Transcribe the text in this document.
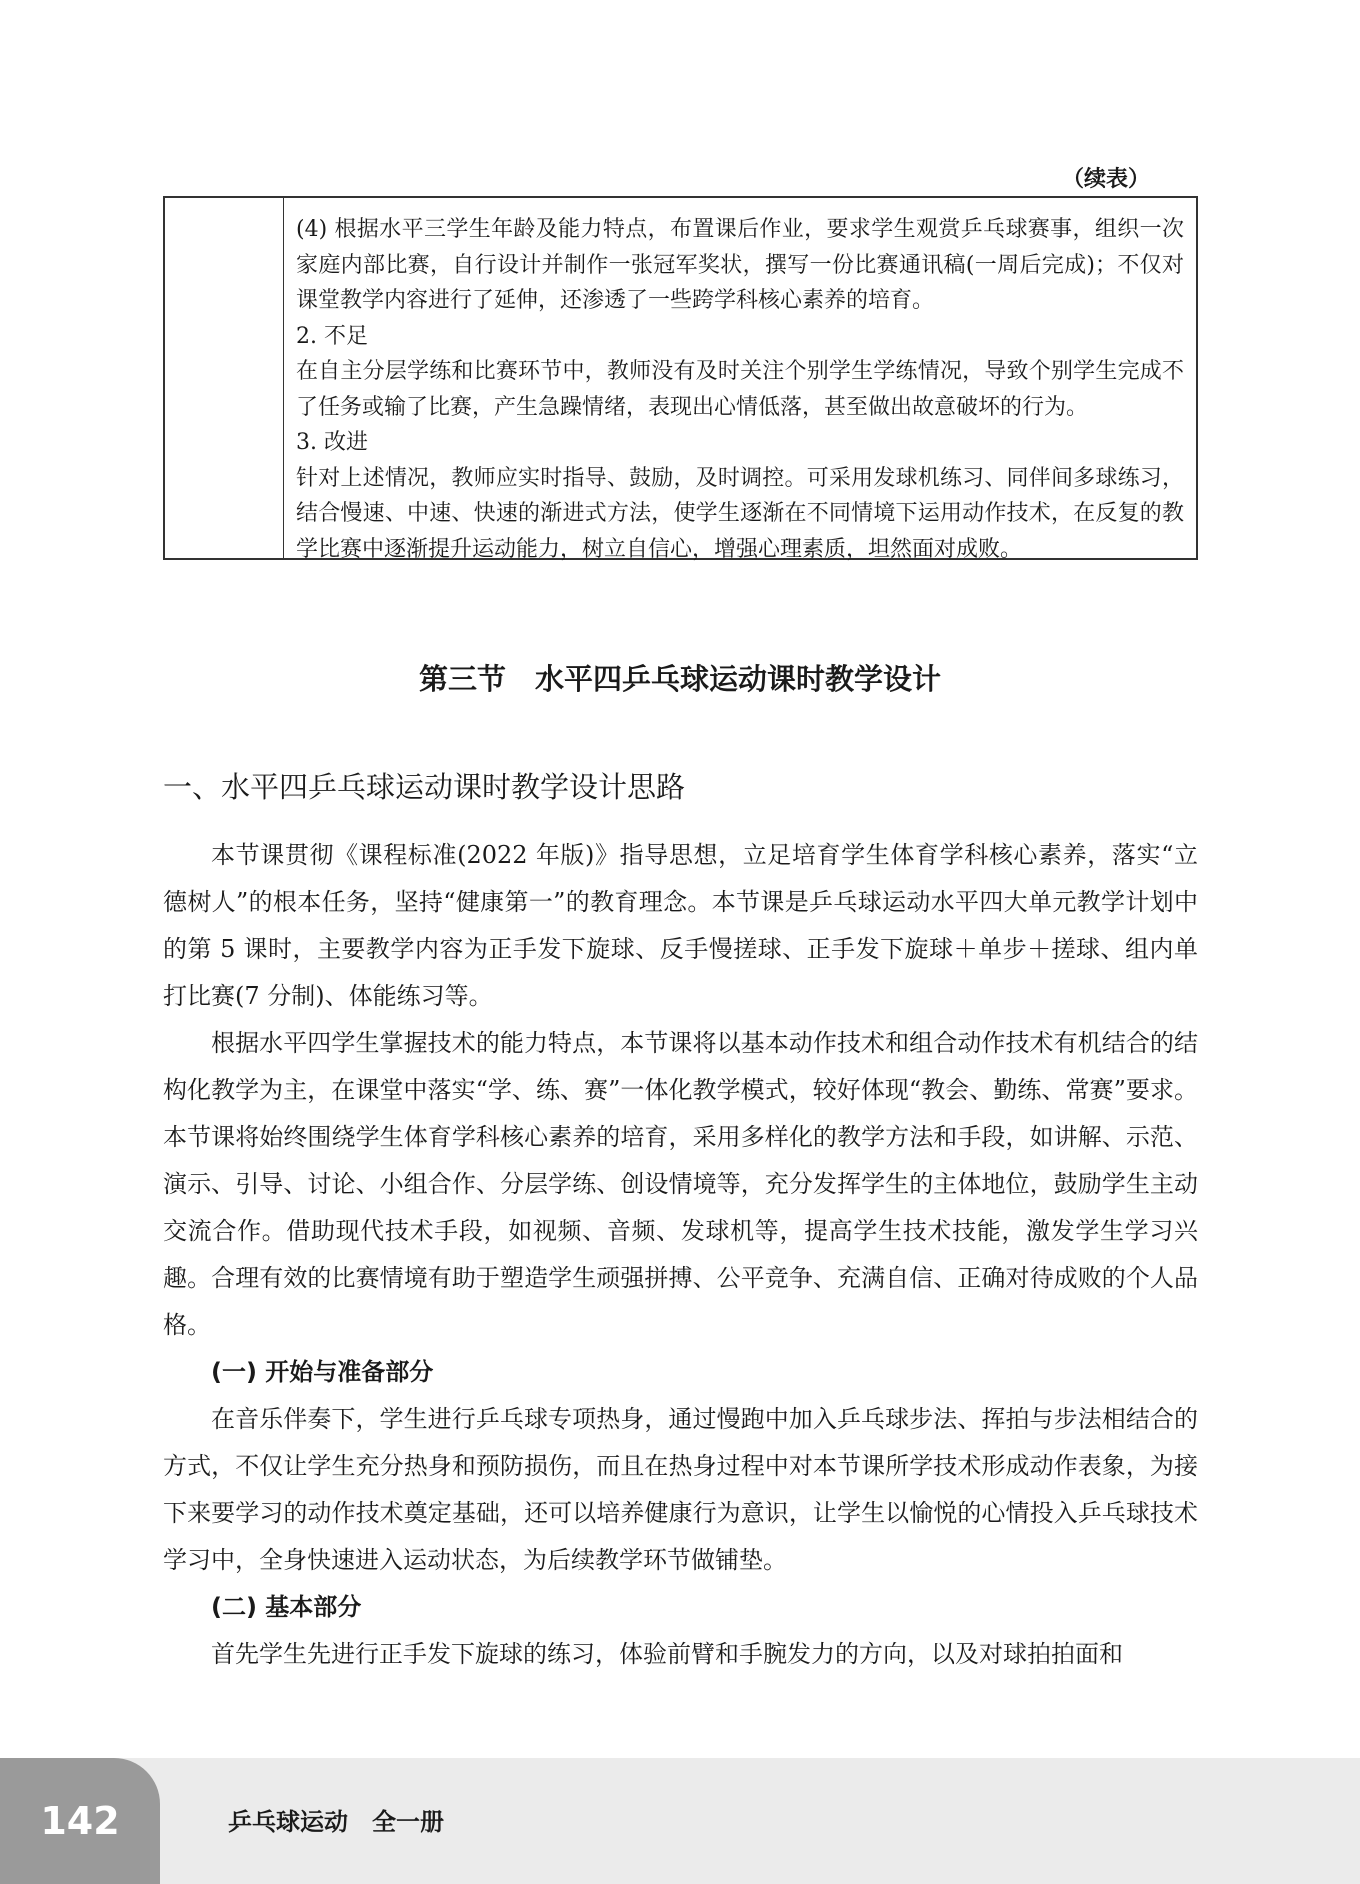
（续表）

(4) 根据水平三学生年龄及能力特点，布置课后作业，要求学生观赏乒乓球赛事，组织一次家庭内部比赛，自行设计并制作一张冠军奖状，撰写一份比赛通讯稿(一周后完成)；不仅对课堂教学内容进行了延伸，还渗透了一些跨学科核心素养的培育。

2. 不足

在自主分层学练和比赛环节中，教师没有及时关注个别学生学练情况，导致个别学生完成不了任务或输了比赛，产生急躁情绪，表现出心情低落，甚至做出故意破坏的行为。

3. 改进

针对上述情况，教师应实时指导、鼓励，及时调控。可采用发球机练习、同伴间多球练习，结合慢速、中速、快速的渐进式方法，使学生逐渐在不同情境下运用动作技术，在反复的教学比赛中逐渐提升运动能力，树立自信心，增强心理素质，坦然面对成败。

第三节　水平四乒乓球运动课时教学设计
一、水平四乒乓球运动课时教学设计思路

本节课贯彻《课程标准(2022 年版)》指导思想，立足培育学生体育学科核心素养，落实“立德树人”的根本任务，坚持“健康第一”的教育理念。本节课是乒乓球运动水平四大单元教学计划中的第 5 课时，主要教学内容为正手发下旋球、反手慢搓球、正手发下旋球＋单步＋搓球、组内单打比赛(7 分制)、体能练习等。

根据水平四学生掌握技术的能力特点，本节课将以基本动作技术和组合动作技术有机结合的结构化教学为主，在课堂中落实“学、练、赛”一体化教学模式，较好体现“教会、勤练、常赛”要求。本节课将始终围绕学生体育学科核心素养的培育，采用多样化的教学方法和手段，如讲解、示范、演示、引导、讨论、小组合作、分层学练、创设情境等，充分发挥学生的主体地位，鼓励学生主动交流合作。借助现代技术手段，如视频、音频、发球机等，提高学生技术技能，激发学生学习兴趣。合理有效的比赛情境有助于塑造学生顽强拼搏、公平竞争、充满自信、正确对待成败的个人品格。

(一) 开始与准备部分

在音乐伴奏下，学生进行乒乓球专项热身，通过慢跑中加入乒乓球步法、挥拍与步法相结合的方式，不仅让学生充分热身和预防损伤，而且在热身过程中对本节课所学技术形成动作表象，为接下来要学习的动作技术奠定基础，还可以培养健康行为意识，让学生以愉悦的心情投入乒乓球技术学习中，全身快速进入运动状态，为后续教学环节做铺垫。

(二) 基本部分

首先学生先进行正手发下旋球的练习，体验前臂和手腕发力的方向，以及对球拍拍面和

142	乒乓球运动　全一册
